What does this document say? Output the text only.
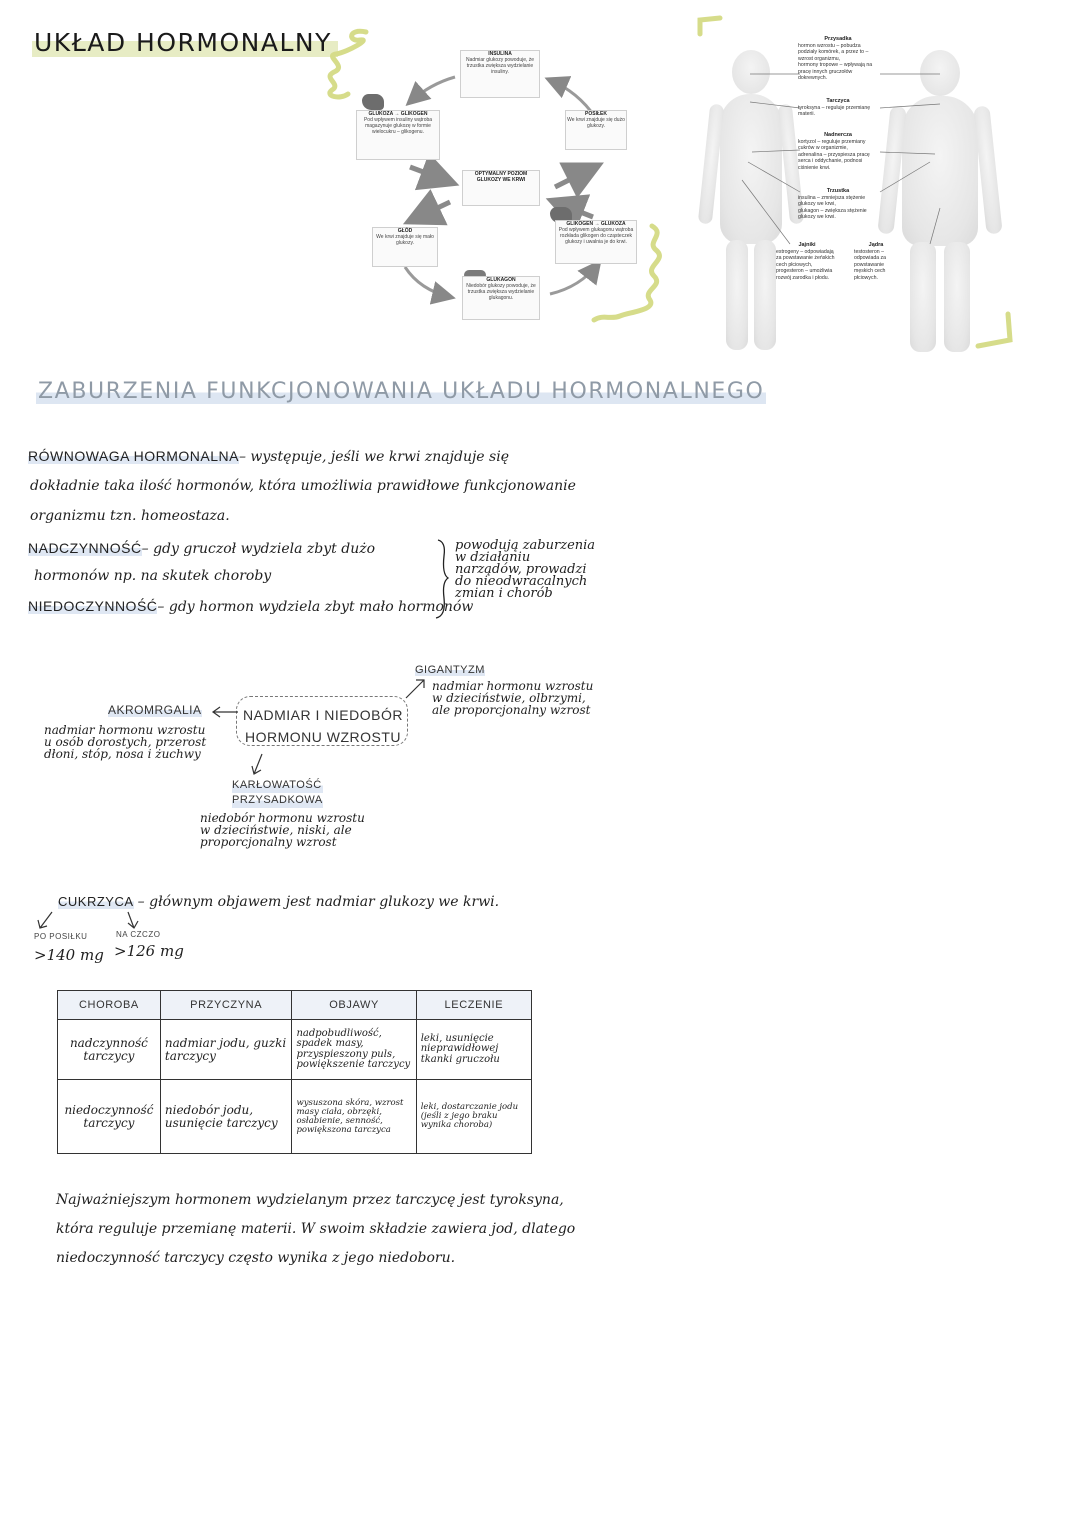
UKŁAD HORMONALNY	INSULINA
Nadmiar glukozy powoduje, że trzustka zwiększa wydzielanie insuliny.
GLUKOZA → GLIKOGEN
Pod wpływem insuliny wątroba magazynuje glukozę w formie wielocukru – glikogenu.
POSIŁEK
We krwi znajduje się dużo glukozy.
OPTYMALNY POZIOM GLUKOZY WE KRWI
GŁÓD
We krwi znajduje się mało glukozy.
GLIKOGEN → GLUKOZA
Pod wpływem glukagonu wątroba rozkłada glikogen do cząsteczek glukozy i uwalnia je do krwi.
GLUKAGON
Niedobór glukozy powoduje, że trzustka zwiększa wydzielanie glukagonu.
Przysadka
hormon wzrostu – pobudza podziały komórek, a przez to – wzrost organizmu,
hormony tropowe – wpływają na pracę innych gruczołów dokrewnych.
Tarczyca
tyroksyna – reguluje przemianę materii.
Nadnercza
kortyzol – reguluje przemiany cukrów w organizmie,
adrenalina – przyspiesza pracę serca i oddychanie, podnosi ciśnienie krwi.
Trzustka
insulina – zmniejsza stężenie glukozy we krwi,
glukagon – zwiększa stężenie glukozy we krwi.
Jajniki
estrogeny – odpowiadają za powstawanie żeńskich cech płciowych,
progesteron – umożliwia rozwój zarodka i płodu.
Jądra
testosteron – odpowiada za powstawanie męskich cech płciowych.
ZABURZENIA FUNKCJONOWANIA UKŁADU HORMONALNEGO
RÓWNOWAGA HORMONALNA– występuje, jeśli we krwi znajduje się
dokładnie taka ilość hormonów, która umożliwia prawidłowe funkcjonowanie
organizmu tzn. homeostaza.
NADCZYNNOŚĆ– gdy gruczoł wydziela zbyt dużo
hormonów np. na skutek choroby
NIEDOCZYNNOŚĆ– gdy hormon wydziela zbyt mało hormonów
powodują zaburzenia
w działaniu
narządów, prowadzi
do nieodwracalnych
zmian i chorób
NADMIAR I NIEDOBÓR
HORMONU WZROSTU
AKROMRGALIA
nadmiar hormonu wzrostu
u osób dorostych, przerost
dłoni, stóp, nosa i żuchwy
GIGANTYZM
nadmiar hormonu wzrostu
w dzieciństwie, olbrzymi,
ale proporcjonalny wzrost
KARŁOWATOŚĆ
PRZYSADKOWA
niedobór hormonu wzrostu
w dzieciństwie, niski, ale
proporcjonalny wzrost
CUKRZYCA – głównym objawem jest nadmiar glukozy we krwi.
PO POSIŁKU	NA CZCZO
>140 mg >126 mg
CHOROBA	PRZYCZYNA	OBJAWY	LECZENIE
nadczynność tarczycy	nadmiar jodu, guzki tarczycy	nadpobudliwość, spadek masy, przyspieszony puls, powiększenie tarczycy	leki, usunięcie nieprawidłowej tkanki gruczołu
niedoczynność tarczycy	niedobór jodu, usunięcie tarczycy	wysuszona skóra, wzrost masy ciała, obrzęki, osłabienie, senność, powiększona tarczyca	leki, dostarczanie jodu (jeśli z jego braku wynika choroba)
Najważniejszym hormonem wydzielanym przez tarczycę jest tyroksyna,
która reguluje przemianę materii. W swoim składzie zawiera jod, dlatego
niedoczynność tarczycy często wynika z jego niedoboru.
